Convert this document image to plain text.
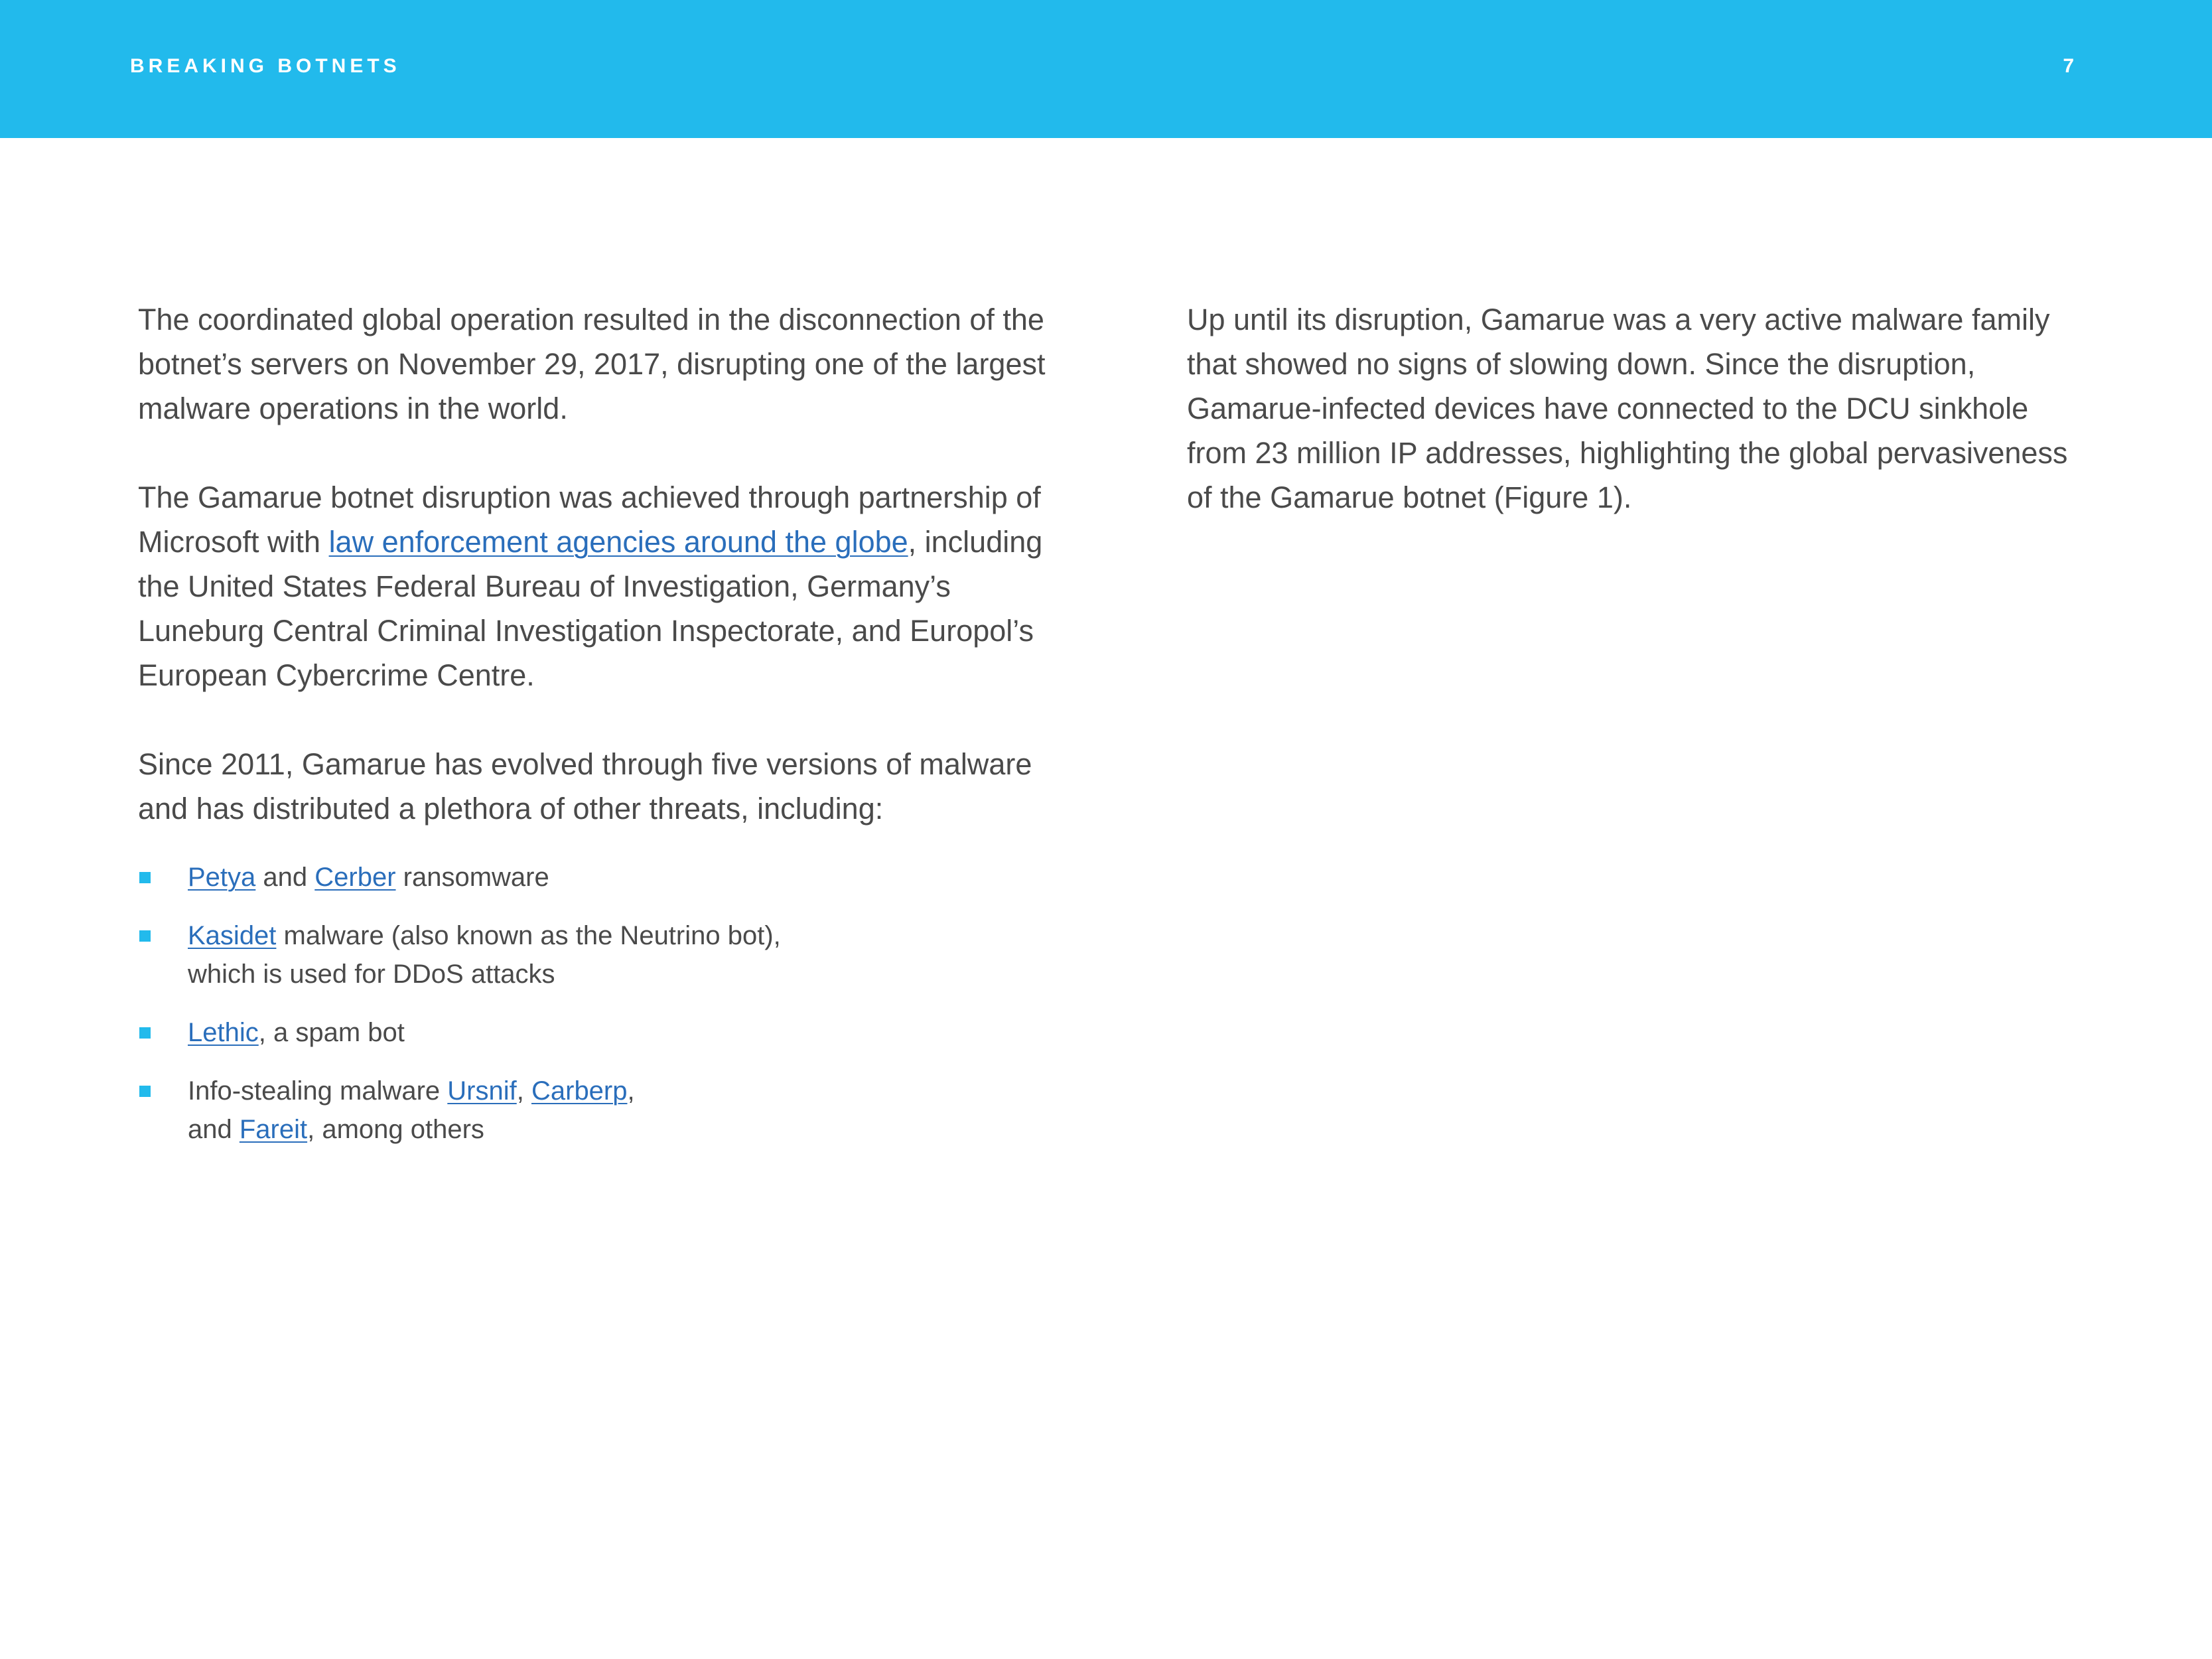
BREAKING BOTNETS	7

The coordinated global operation resulted in the disconnection of the botnet’s servers on November 29, 2017, disrupting one of the largest malware operations in the world.

The Gamarue botnet disruption was achieved through partnership of Microsoft with law enforcement agencies around the globe, including the United States Federal Bureau of Investigation, Germany’s Luneburg Central Criminal Investigation Inspectorate, and Europol’s European Cybercrime Centre.

Since 2011, Gamarue has evolved through five versions of malware and has distributed a plethora of other threats, including:

Petya and Cerber ransomware
Kasidet malware (also known as the Neutrino bot),
which is used for DDoS attacks
Lethic, a spam bot
Info-stealing malware Ursnif, Carberp,
and Fareit, among others

Up until its disruption, Gamarue was a very active malware family that showed no signs of slowing down. Since the disruption, Gamarue-infected devices have connected to the DCU sinkhole from 23 million IP addresses, highlighting the global pervasiveness of the Gamarue botnet (Figure 1).
